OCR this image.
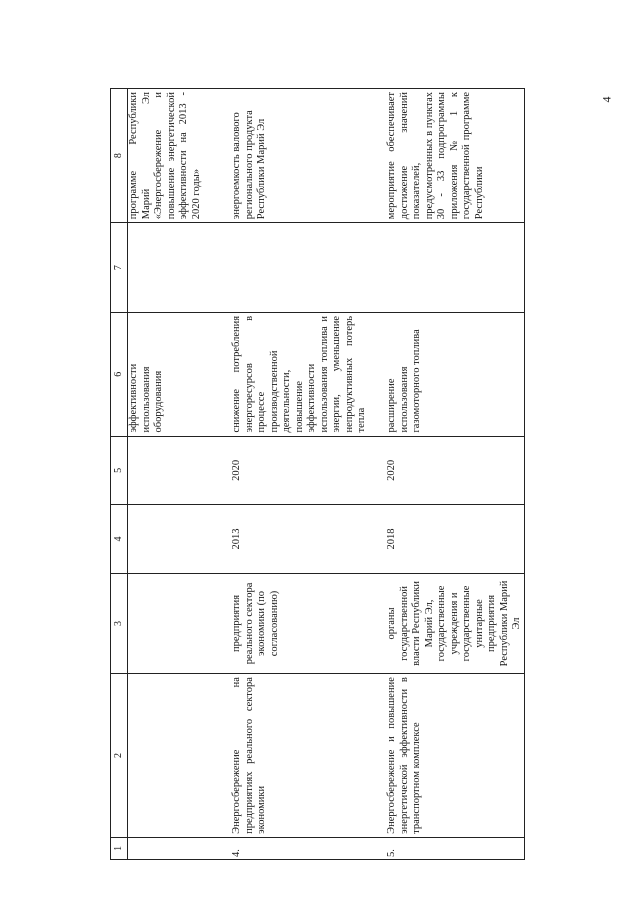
4
1	2	3	4	5	6	7	8
					эффективности использования оборудования		программе Республики Марий Эл «Энергосбережение и повышение энергетической эффективности на 2013 - 2020 годы»
4.	Энергосбережение на предприятиях реального сектора экономики	предприятия реального сектора экономики (по согласованию)	2013	2020	снижение потребления энергоресурсов в процессе производственной деятельности, повышение эффективности использования топлива и энергии, уменьшение непродуктивных потерь тепла		энергоемкость валового регионального продукта Республики Марий Эл
5.	Энергосбережение и повышение энергетической эффективности в транспортном комплексе	органы государственной власти Республики Марий Эл, государственные учреждения и государственные унитарные предприятия Республики Марий Эл	2018	2020	расширение использования газомоторного топлива		мероприятие обеспечивает достижение значений показателей, предусмотренных в пунктах 30 - 33 подпрограммы приложения № 1 к государственной программе Республики
